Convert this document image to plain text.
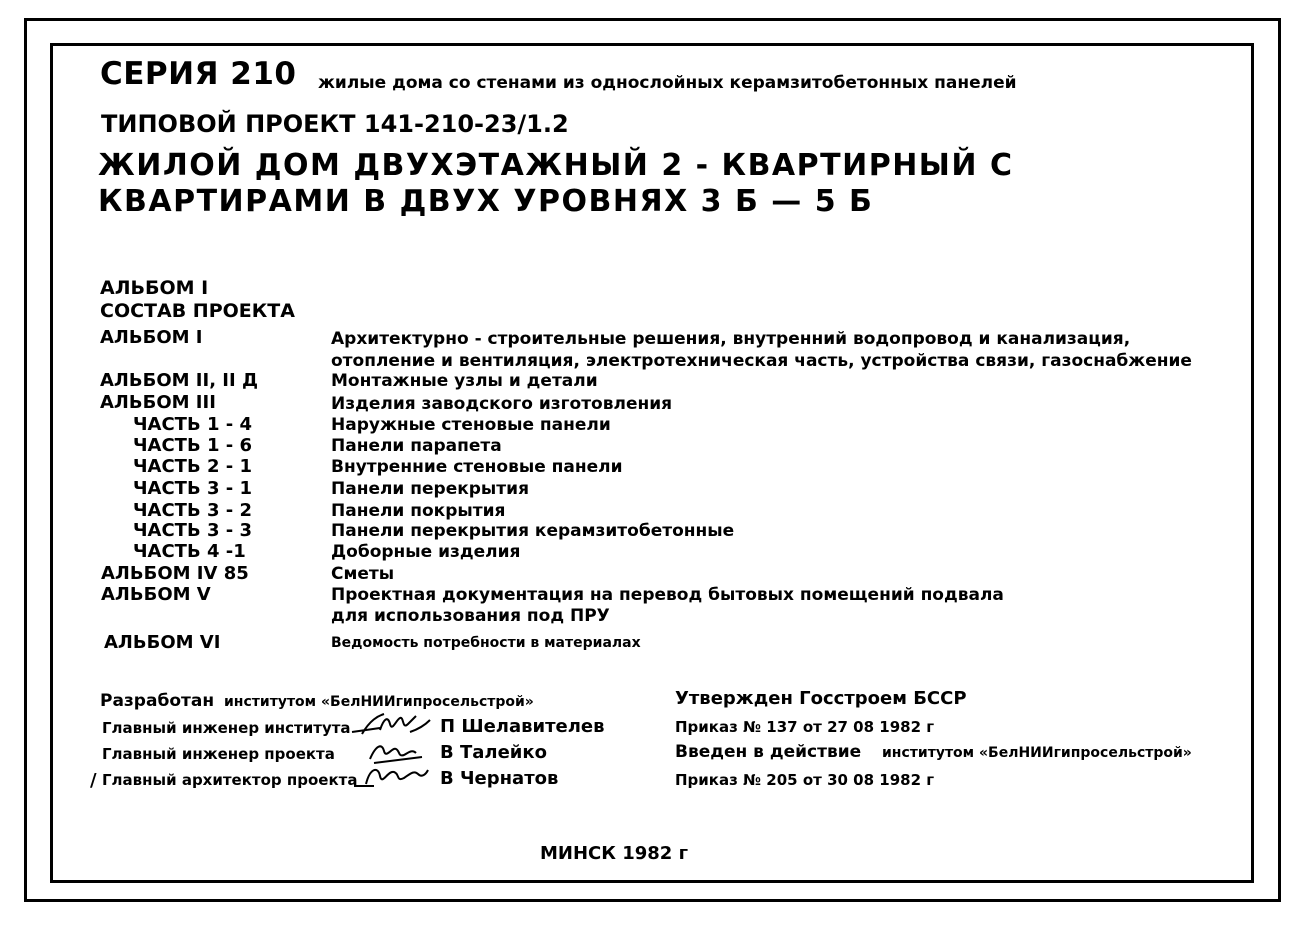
СЕРИЯ 210 жилые дома со стенами из однослойных керамзитобетонных панелей
ТИПОВОЙ ПРОЕКТ 141-210-23/1.2
ЖИЛОЙ ДОМ ДВУХЭТАЖНЫЙ 2 - КВАРТИРНЫЙ С
КВАРТИРАМИ В ДВУХ УРОВНЯХ 3 Б — 5 Б
АЛЬБОМ I
СОСТАВ ПРОЕКТА
АЛЬБОМ I	Архитектурно - строительные решения, внутренний водопровод и канализация,
отопление и вентиляция, электротехническая часть, устройства связи, газоснабжение
АЛЬБОМ II, II Д	Монтажные узлы и детали
АЛЬБОМ III	Изделия заводского изготовления
ЧАСТЬ 1 - 4	Наружные стеновые панели
ЧАСТЬ 1 - 6	Панели парапета
ЧАСТЬ 2 - 1	Внутренние стеновые панели
ЧАСТЬ 3 - 1	Панели перекрытия
ЧАСТЬ 3 - 2	Панели покрытия
ЧАСТЬ 3 - 3	Панели перекрытия керамзитобетонные
ЧАСТЬ 4 -1	Доборные изделия
АЛЬБОМ IV 85	Сметы
АЛЬБОМ V	Проектная документация на перевод бытовых помещений подвала
для использования под ПРУ
АЛЬБОМ VI	Ведомость потребности в материалах
Разработан институтом «БелНИИгипросельстрой»
Главный инженер института	П Шелавителев
Главный инженер проекта	В Талейко
/ Главный архитектор проекта	В Чернатов
Утвержден Госстроем БССР
Приказ № 137 от 27 08 1982 г
Введен в действие институтом «БелНИИгипросельстрой»
Приказ № 205 от 30 08 1982 г
МИНСК 1982 г
